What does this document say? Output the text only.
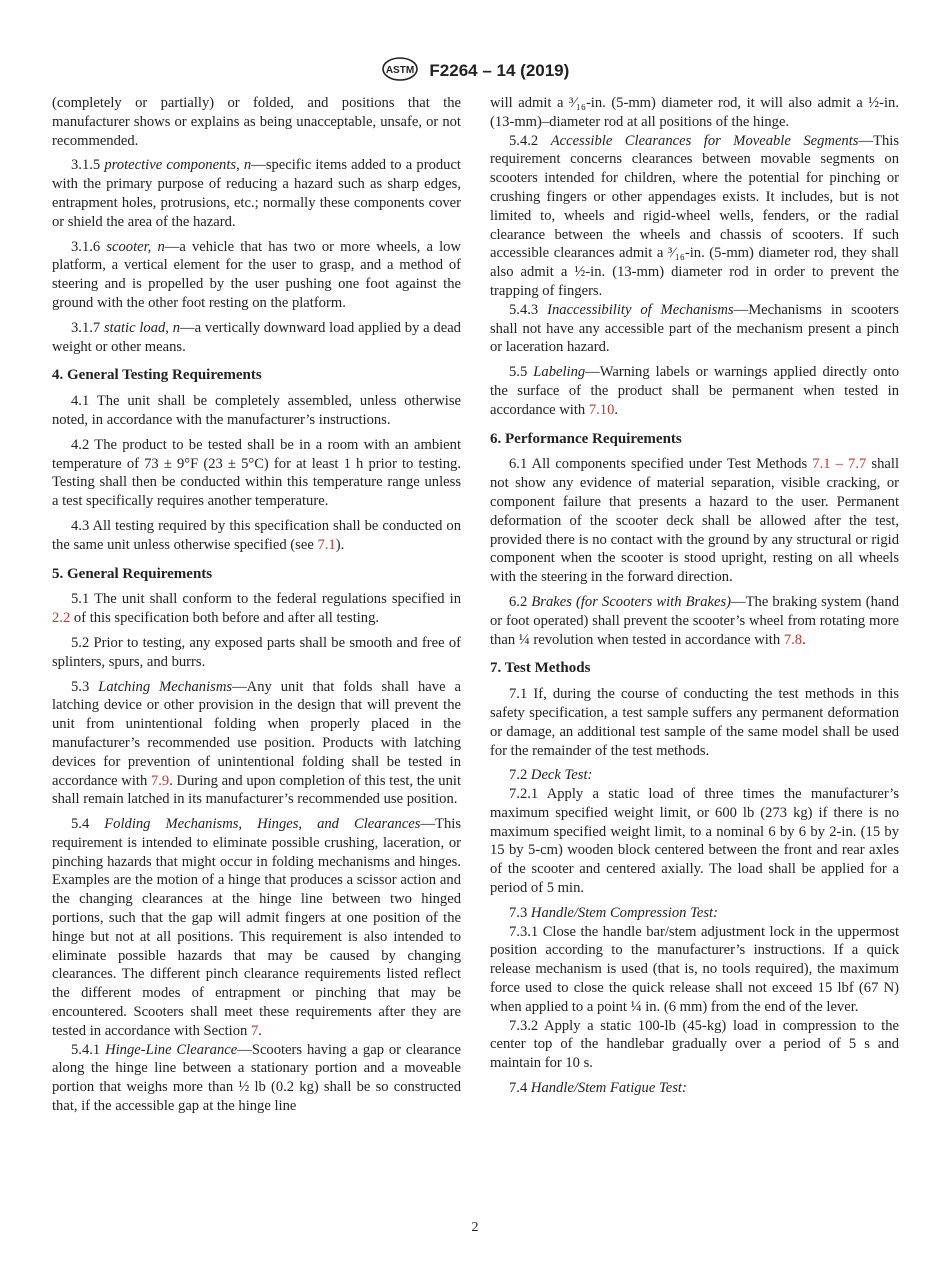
ASTM F2264 – 14 (2019)

(completely or partially) or folded, and positions that the manufacturer shows or explains as being unacceptable, unsafe, or not recommended.

3.1.5 protective components, n—specific items added to a product with the primary purpose of reducing a hazard such as sharp edges, entrapment holes, protrusions, etc.; normally these components cover or shield the area of the hazard.

3.1.6 scooter, n—a vehicle that has two or more wheels, a low platform, a vertical element for the user to grasp, and a method of steering and is propelled by the user pushing one foot against the ground with the other foot resting on the platform.

3.1.7 static load, n—a vertically downward load applied by a dead weight or other means.

4. General Testing Requirements

4.1 The unit shall be completely assembled, unless otherwise noted, in accordance with the manufacturer’s instructions.

4.2 The product to be tested shall be in a room with an ambient temperature of 73 ± 9°F (23 ± 5°C) for at least 1 h prior to testing. Testing shall then be conducted within this temperature range unless a test specifically requires another temperature.

4.3 All testing required by this specification shall be conducted on the same unit unless otherwise specified (see 7.1).

5. General Requirements

5.1 The unit shall conform to the federal regulations specified in 2.2 of this specification both before and after all testing.

5.2 Prior to testing, any exposed parts shall be smooth and free of splinters, spurs, and burrs.

5.3 Latching Mechanisms—Any unit that folds shall have a latching device or other provision in the design that will prevent the unit from unintentional folding when properly placed in the manufacturer’s recommended use position. Products with latching devices for prevention of unintentional folding shall be tested in accordance with 7.9. During and upon completion of this test, the unit shall remain latched in its manufacturer’s recommended use position.

5.4 Folding Mechanisms, Hinges, and Clearances—This requirement is intended to eliminate possible crushing, laceration, or pinching hazards that might occur in folding mechanisms and hinges. Examples are the motion of a hinge that produces a scissor action and the changing clearances at the hinge line between two hinged portions, such that the gap will admit fingers at one position of the hinge but not at all positions. This requirement is also intended to eliminate possible hazards that may be caused by changing clearances. The different pinch clearance requirements listed reflect the different modes of entrapment or pinching that may be encountered. Scooters shall meet these requirements after they are tested in accordance with Section 7.

5.4.1 Hinge-Line Clearance—Scooters having a gap or clearance along the hinge line between a stationary portion and a moveable portion that weighs more than ½ lb (0.2 kg) shall be so constructed that, if the accessible gap at the hinge line

will admit a ³⁄₁₆-in. (5-mm) diameter rod, it will also admit a ½-in. (13-mm)–diameter rod at all positions of the hinge.

5.4.2 Accessible Clearances for Moveable Segments—This requirement concerns clearances between movable segments on scooters intended for children, where the potential for pinching or crushing fingers or other appendages exists. It includes, but is not limited to, wheels and rigid-wheel wells, fenders, or the radial clearance between the wheels and chassis of scooters. If such accessible clearances admit a ³⁄₁₆-in. (5-mm) diameter rod, they shall also admit a ½-in. (13-mm) diameter rod in order to prevent the trapping of fingers.

5.4.3 Inaccessibility of Mechanisms—Mechanisms in scooters shall not have any accessible part of the mechanism present a pinch or laceration hazard.

5.5 Labeling—Warning labels or warnings applied directly onto the surface of the product shall be permanent when tested in accordance with 7.10.

6. Performance Requirements

6.1 All components specified under Test Methods 7.1 – 7.7 shall not show any evidence of material separation, visible cracking, or component failure that presents a hazard to the user. Permanent deformation of the scooter deck shall be allowed after the test, provided there is no contact with the ground by any structural or rigid component when the scooter is stood upright, resting on all wheels with the steering in the forward direction.

6.2 Brakes (for Scooters with Brakes)—The braking system (hand or foot operated) shall prevent the scooter’s wheel from rotating more than ¼ revolution when tested in accordance with 7.8.

7. Test Methods

7.1 If, during the course of conducting the test methods in this safety specification, a test sample suffers any permanent deformation or damage, an additional test sample of the same model shall be used for the remainder of the test methods.

7.2 Deck Test:

7.2.1 Apply a static load of three times the manufacturer’s maximum specified weight limit, or 600 lb (273 kg) if there is no maximum specified weight limit, to a nominal 6 by 6 by 2-in. (15 by 15 by 5-cm) wooden block centered between the front and rear axles of the scooter and centered axially. The load shall be applied for a period of 5 min.

7.3 Handle/Stem Compression Test:

7.3.1 Close the handle bar/stem adjustment lock in the uppermost position according to the manufacturer’s instructions. If a quick release mechanism is used (that is, no tools required), the maximum force used to close the quick release shall not exceed 15 lbf (67 N) when applied to a point ¼ in. (6 mm) from the end of the lever.

7.3.2 Apply a static 100-lb (45-kg) load in compression to the center top of the handlebar gradually over a period of 5 s and maintain for 10 s.

7.4 Handle/Stem Fatigue Test:

2
